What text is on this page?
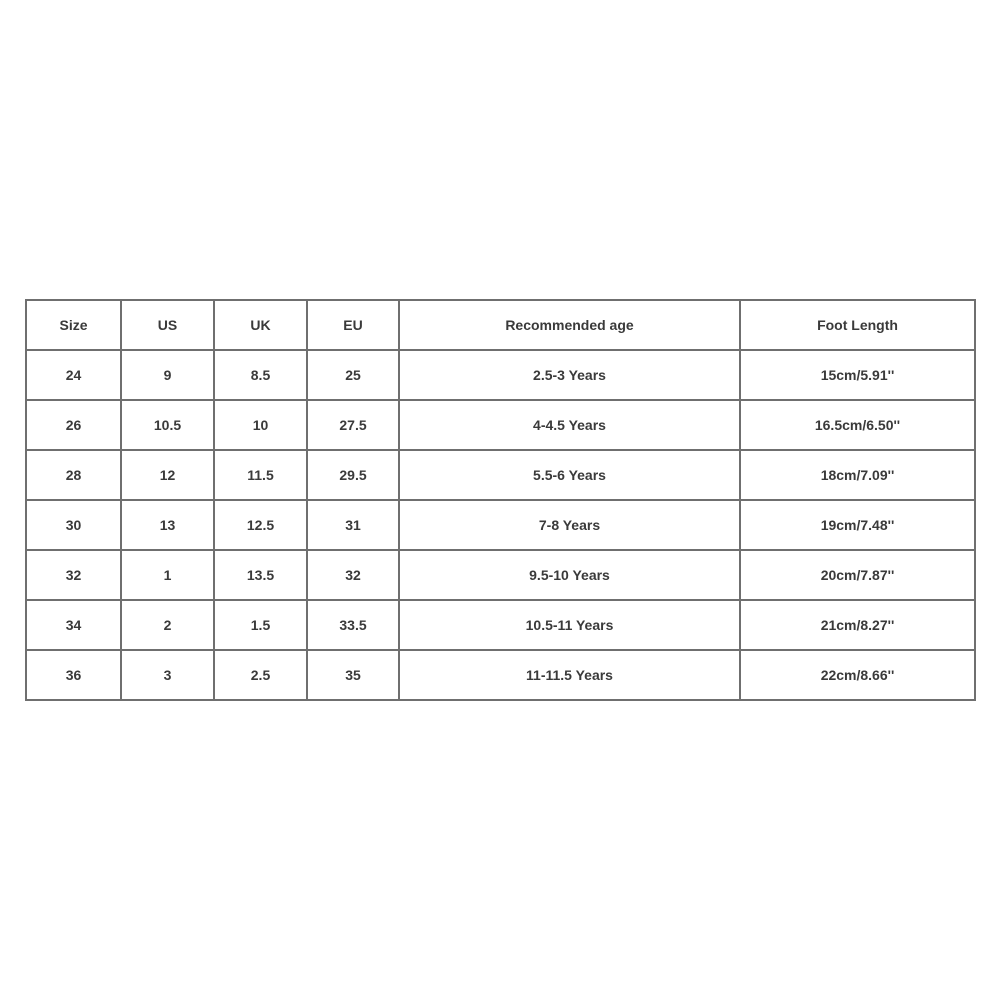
Size	US	UK	EU	Recommended age	Foot Length
24	9	8.5	25	2.5-3 Years	15cm/5.91''
26	10.5	10	27.5	4-4.5 Years	16.5cm/6.50''
28	12	11.5	29.5	5.5-6 Years	18cm/7.09''
30	13	12.5	31	7-8 Years	19cm/7.48''
32	1	13.5	32	9.5-10 Years	20cm/7.87''
34	2	1.5	33.5	10.5-11 Years	21cm/8.27''
36	3	2.5	35	11-11.5 Years	22cm/8.66''
